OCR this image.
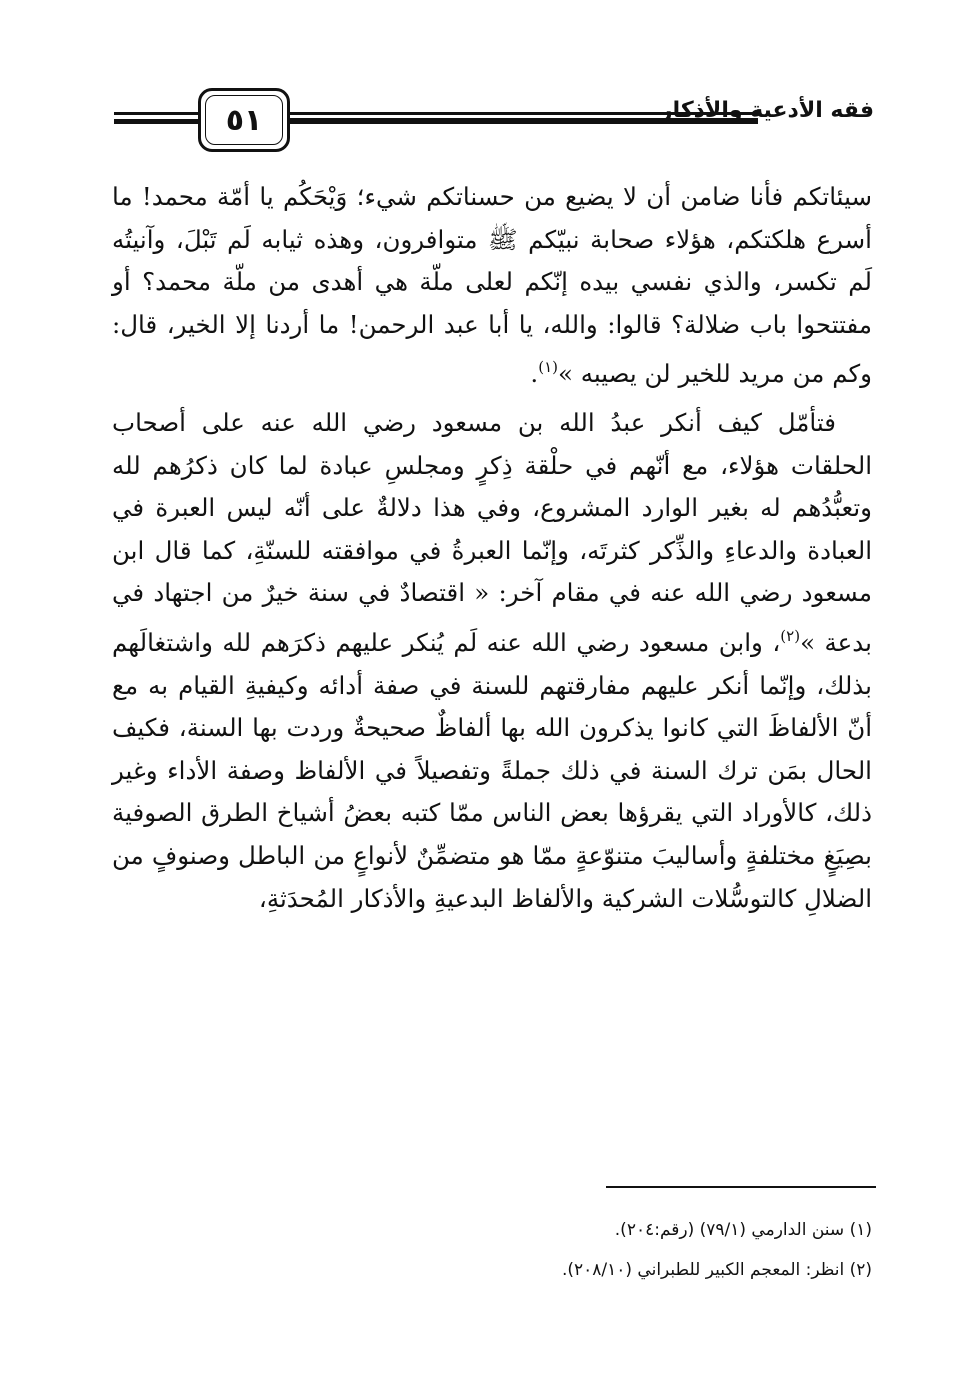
٥١	فقه الأدعية والأذكار

سيئاتكم فأنا ضامن أن لا يضيع من حسناتكم شيء؛ وَيْحَكُم يا أمّة محمد! ما أسرع هلكتكم، هؤلاء صحابة نبيّكم ﷺ متوافرون، وهذه ثيابه لَم تَبْلَ، وآنيتُه لَم تكسر، والذي نفسي بيده إنّكم لعلى ملّة هي أهدى من ملّة محمد؟ أو مفتتحوا باب ضلالة؟ قالوا: والله، يا أبا عبد الرحمن! ما أردنا إلا الخير، قال: وكم من مريد للخير لن يصيبه »$^{(١)}$.

فتأمّل كيف أنكر عبدُ الله بن مسعود رضي الله عنه على أصحاب الحلقات هؤلاء، مع أنّهم في حلْقة ذِكرٍ ومجلسِ عبادة لما كان ذكرُهم لله وتعبُّدُهم له بغير الوارد المشروع، وفي هذا دلالةٌ على أنّه ليس العبرة في العبادة والدعاءِ والذِّكر كثرتَه، وإنّما العبرةُ في موافقته للسنّةِ، كما قال ابن مسعود رضي الله عنه في مقام آخر: « اقتصادٌ في سنة خيرٌ من اجتهاد في بدعة »$^{(٢)}$، وابن مسعود رضي الله عنه لَم يُنكر عليهم ذكرَهم لله واشتغالَهم بذلك، وإنّما أنكر عليهم مفارقتهم للسنة في صفة أدائه وكيفيةِ القيام به مع أنّ الألفاظَ التي كانوا يذكرون الله بها ألفاظٌ صحيحةٌ وردت بها السنة، فكيف الحال بمَن ترك السنة في ذلك جملةً وتفصيلاً في الألفاظ وصفة الأداء وغير ذلك، كالأوراد التي يقرؤها بعض الناس ممّا كتبه بعضُ أشياخ الطرق الصوفية بصِيَغٍ مختلفةٍ وأساليبَ متنوّعةٍ ممّا هو متضمِّنٌ لأنواعٍ من الباطل وصنوفٍ من الضلالِ كالتوسُّلات الشركية والألفاظ البدعيةِ والأذكار المُحدَثةِ،

(١) سنن الدارمي (٧٩/١) (رقم:٢٠٤).

(٢) انظر: المعجم الكبير للطبراني (٢٠٨/١٠).
